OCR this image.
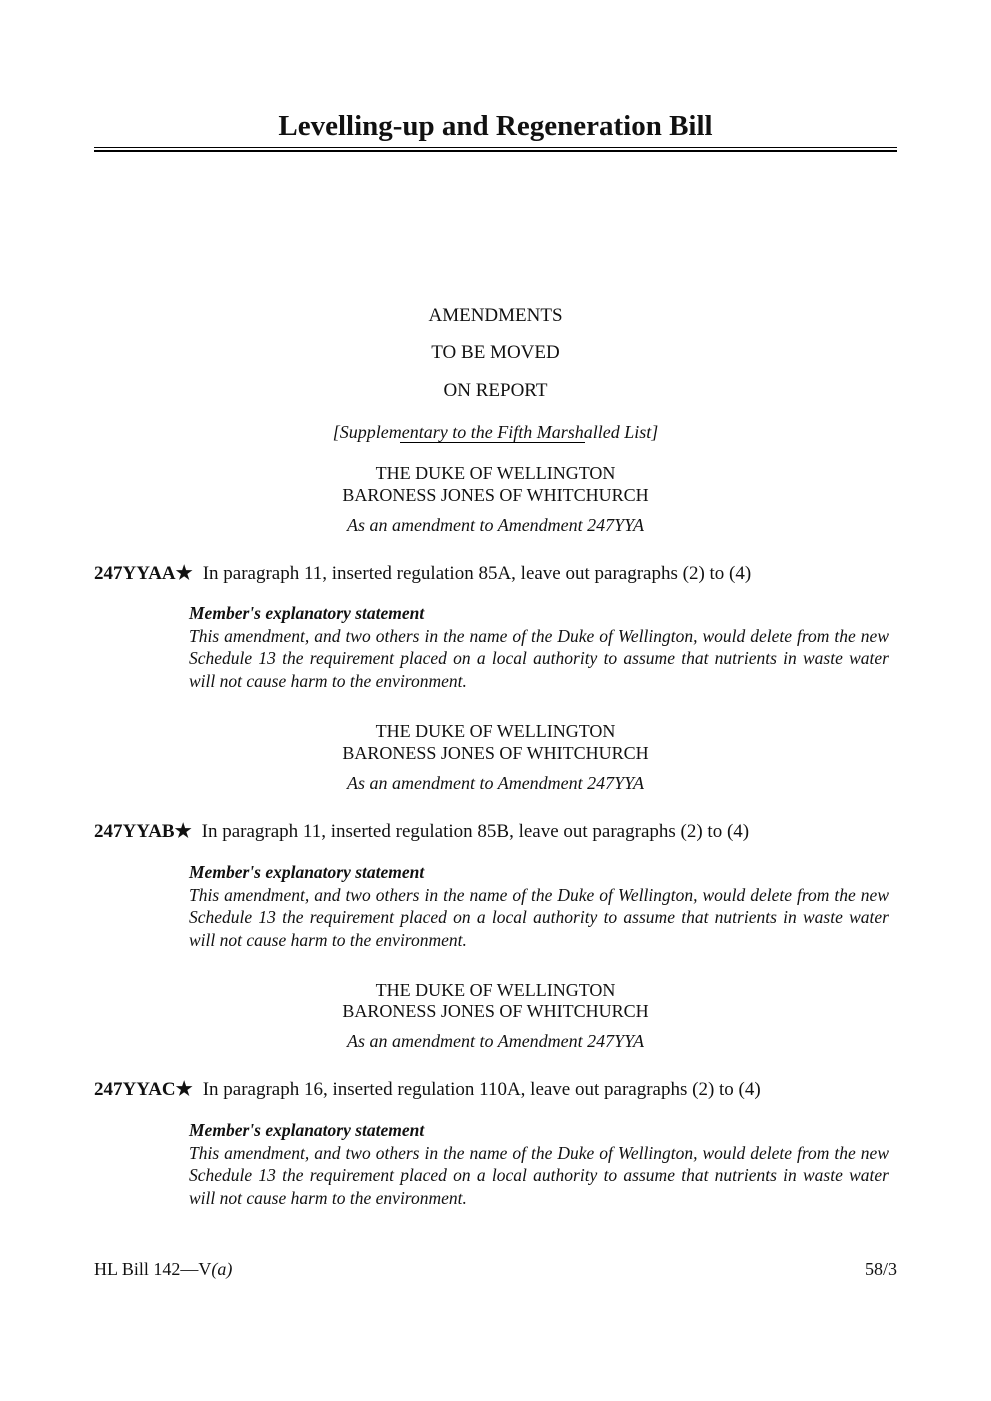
Levelling-up and Regeneration Bill
AMENDMENTS
TO BE MOVED
ON REPORT
[Supplementary to the Fifth Marshalled List]
THE DUKE OF WELLINGTON
BARONESS JONES OF WHITCHURCH
As an amendment to Amendment 247YYA
247YYAA★ In paragraph 11, inserted regulation 85A, leave out paragraphs (2) to (4)
Member's explanatory statement
This amendment, and two others in the name of the Duke of Wellington, would delete from the new Schedule 13 the requirement placed on a local authority to assume that nutrients in waste water will not cause harm to the environment.
THE DUKE OF WELLINGTON
BARONESS JONES OF WHITCHURCH
As an amendment to Amendment 247YYA
247YYAB★ In paragraph 11, inserted regulation 85B, leave out paragraphs (2) to (4)
Member's explanatory statement
This amendment, and two others in the name of the Duke of Wellington, would delete from the new Schedule 13 the requirement placed on a local authority to assume that nutrients in waste water will not cause harm to the environment.
THE DUKE OF WELLINGTON
BARONESS JONES OF WHITCHURCH
As an amendment to Amendment 247YYA
247YYAC★ In paragraph 16, inserted regulation 110A, leave out paragraphs (2) to (4)
Member's explanatory statement
This amendment, and two others in the name of the Duke of Wellington, would delete from the new Schedule 13 the requirement placed on a local authority to assume that nutrients in waste water will not cause harm to the environment.
HL Bill 142—V(a)	58/3
